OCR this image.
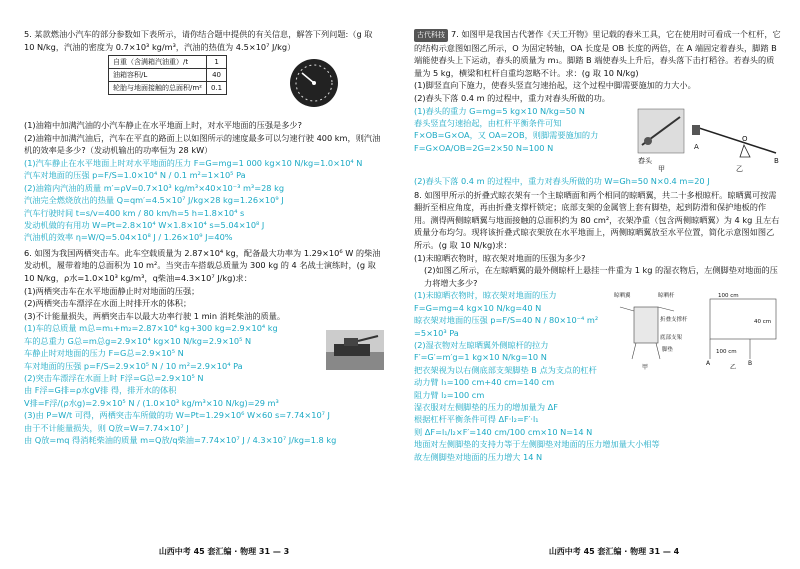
5. 某款燃油小汽车的部分参数如下表所示，请你结合题中提供的有关信息，解答下列问题:（g 取 10 N/kg，汽油的密度为 0.7×10³ kg/m³，汽油的热值为 4.5×10⁷ J/kg）

自重（含满箱汽油重）/t	1
油箱容积/L	40
轮胎与地面接触的总面积/m²	0.1

(1)油箱中加满汽油的小汽车静止在水平地面上时，对水平地面的压强是多少?

(2)油箱中加满汽油后，汽车在平直的路面上以如图所示的速度最多可以匀速行驶 400 km，则汽油机的效率是多少?（发动机输出的功率恒为 28 kW）

(1)汽车静止在水平地面上时对水平地面的压力 F=G=mg=1 000 kg×10 N/kg=1.0×10⁴ N

汽车对地面的压强 p=F/S=1.0×10⁴ N / 0.1 m²=1×10⁵ Pa

(2)油箱内汽油的质量 m′=ρV=0.7×10³ kg/m³×40×10⁻³ m³=28 kg

汽油完全燃烧放出的热量 Q=qm′=4.5×10⁷ J/kg×28 kg=1.26×10⁹ J

汽车行驶时间 t=s/v=400 km / 80 km/h=5 h=1.8×10⁴ s

发动机做的有用功 W=Pt=2.8×10⁴ W×1.8×10⁴ s=5.04×10⁸ J

汽油机的效率 η=W/Q=5.04×10⁸ J / 1.26×10⁹ J=40%

6. 如图为我国两栖突击车。此车空载质量为 2.87×10⁴ kg，配备最大功率为 1.29×10⁶ W 的柴油发动机，履带着地的总面积为 10 m²。当突击车搭载总质量为 300 kg 的 4 名战士演练时，(g 取 10 N/kg，ρ水=1.0×10³ kg/m³，q柴油=4.3×10⁷ J/kg)求：

(1)两栖突击车在水平地面静止时对地面的压强；

(2)两栖突击车漂浮在水面上时排开水的体积；

(3)不计能量损失，两栖突击车以最大功率行驶 1 min 消耗柴油的质量。

(1)车的总质量 m总=m₁+m₂=2.87×10⁴ kg+300 kg=2.9×10⁴ kg

车的总重力 G总=m总g=2.9×10⁴ kg×10 N/kg=2.9×10⁵ N

车静止时对地面的压力 F=G总=2.9×10⁵ N

车对地面的压强 p=F/S=2.9×10⁵ N / 10 m²=2.9×10⁴ Pa

(2)突击车漂浮在水面上时 F浮=G总=2.9×10⁵ N

由 F浮=G排=ρ水gV排 得，排开水的体积

V排=F浮/(ρ水g)=2.9×10⁵ N / (1.0×10³ kg/m³×10 N/kg)=29 m³

(3)由 P=W/t 可得，两栖突击车所做的功 W=Pt=1.29×10⁶ W×60 s=7.74×10⁷ J

由于不计能量损失，则 Q放=W=7.74×10⁷ J

由 Q放=mq 得消耗柴油的质量 m=Q放/q柴油=7.74×10⁷ J / 4.3×10⁷ J/kg=1.8 kg

山西中考 45 套汇编 · 物理 31 — 3

古代科技 7. 如图甲是我国古代著作《天工开物》里记载的舂米工具，它在使用时可看成一个杠杆，它的结构示意图如图乙所示，O 为固定转轴，OA 长度是 OB 长度的两倍，在 A 端固定着舂头，脚踏 B 端能使舂头上下运动，舂头的质量为 m₁。脚踏 B 端使舂头上升后，舂头落下击打稻谷。若舂头的质量为 5 kg，横梁和杠杆自重均忽略不计。求：(g 取 10 N/kg)

(1)脚竖直向下施力，使舂头竖直匀速抬起，这个过程中脚需要施加的力大小。

(2)舂头下落 0.4 m 的过程中，重力对舂头所做的功。

(1)舂头的重力 G=mg=5 kg×10 N/kg=50 N

舂头竖直匀速抬起，由杠杆平衡条件可知

F×OB=G×OA，又 OA=2OB，则脚需要施加的力

F=G×OA/OB=2G=2×50 N=100 N	A
O
B
舂头
甲	乙

(2)舂头下落 0.4 m 的过程中，重力对舂头所做的功 W=Gh=50 N×0.4 m=20 J

8. 如图甲所示的折叠式晾衣架有一个主晾晒面和两个相同的晾晒翼，共二十多根晾杆。晾晒翼可按需翻折至相应角度，再由折叠支撑杆锁定；底部支架的金属管上套有脚垫，起到防滑和保护地板的作用。测得两侧晾晒翼与地面接触的总面积约为 80 cm²，衣架净重（包含两侧晾晒翼）为 4 kg 且左右质量分布均匀。现将该折叠式晾衣架放在水平地面上，两侧晾晒翼放至水平位置，简化示意图如图乙所示。(g 取 10 N/kg)求：

(1)未晾晒衣物时，晾衣架对地面的压强为多少?

(2)如图乙所示，在左晾晒翼的最外侧晾杆上悬挂一件重为 1 kg 的湿衣物后，左侧脚垫对地面的压力将增大多少?

(1)未晾晒衣物时，晾衣架对地面的压力

F=G=mg=4 kg×10 N/kg=40 N

晾衣架对地面的压强 p=F/S=40 N / 80×10⁻⁴ m²

=5×10³ Pa

(2)湿衣物对左晾晒翼外侧晾杆的拉力

F′=G′=m′g=1 kg×10 N/kg=10 N

把衣架视为以右侧底部支架脚垫 B 点为支点的杠杆

动力臂 l₁=100 cm+40 cm=140 cm

阻力臂 l₂=100 cm

湿衣服对左侧脚垫的压力的增加量为 ΔF

根据杠杆平衡条件可得 ΔF·l₂=F′·l₁

则 ΔF=l₁/l₂×F′=140 cm/100 cm×10 N=14 N

地面对左侧脚垫的支持力等于左侧脚垫对地面的压力增加量大小相等

故左侧脚垫对地面的压力增大 14 N

晾晒翼	晾晒杆
折叠支撑杆
底部支架
脚垫
甲
100 cm
40 cm
100 cm
A	B
乙
山西中考 45 套汇编 · 物理 31 — 4
